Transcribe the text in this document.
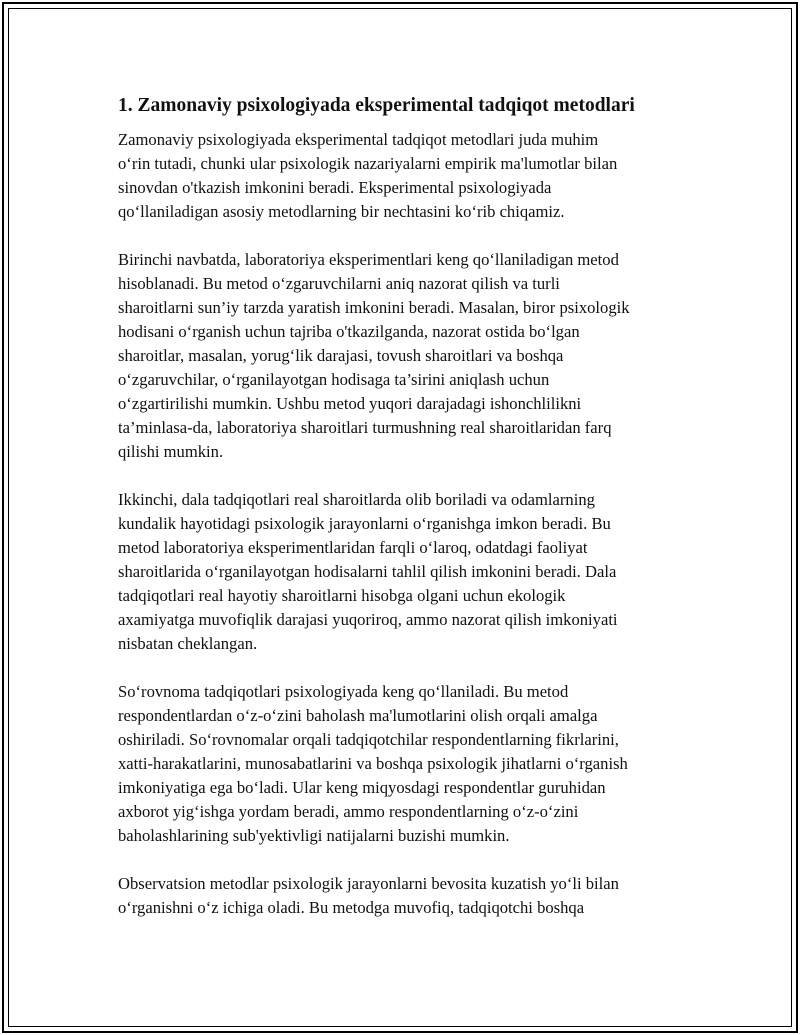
1. Zamonaviy psixologiyada eksperimental tadqiqot metodlari
Zamonaviy psixologiyada eksperimental tadqiqot metodlari juda muhim
o‘rin tutadi, chunki ular psixologik nazariyalarni empirik ma'lumotlar bilan
sinovdan o'tkazish imkonini beradi. Eksperimental psixologiyada
qo‘llaniladigan asosiy metodlarning bir nechtasini ko‘rib chiqamiz.
Birinchi navbatda, laboratoriya eksperimentlari keng qo‘llaniladigan metod
hisoblanadi. Bu metod o‘zgaruvchilarni aniq nazorat qilish va turli
sharoitlarni sun’iy tarzda yaratish imkonini beradi. Masalan, biror psixologik
hodisani o‘rganish uchun tajriba o'tkazilganda, nazorat ostida bo‘lgan
sharoitlar, masalan, yorug‘lik darajasi, tovush sharoitlari va boshqa
o‘zgaruvchilar, o‘rganilayotgan hodisaga ta’sirini aniqlash uchun
o‘zgartirilishi mumkin. Ushbu metod yuqori darajadagi ishonchlilikni
ta’minlasa-da, laboratoriya sharoitlari turmushning real sharoitlaridan farq
qilishi mumkin.
Ikkinchi, dala tadqiqotlari real sharoitlarda olib boriladi va odamlarning
kundalik hayotidagi psixologik jarayonlarni o‘rganishga imkon beradi. Bu
metod laboratoriya eksperimentlaridan farqli o‘laroq, odatdagi faoliyat
sharoitlarida o‘rganilayotgan hodisalarni tahlil qilish imkonini beradi. Dala
tadqiqotlari real hayotiy sharoitlarni hisobga olgani uchun ekologik
axamiyatga muvofiqlik darajasi yuqoriroq, ammo nazorat qilish imkoniyati
nisbatan cheklangan.
So‘rovnoma tadqiqotlari psixologiyada keng qo‘llaniladi. Bu metod
respondentlardan o‘z-o‘zini baholash ma'lumotlarini olish orqali amalga
oshiriladi. So‘rovnomalar orqali tadqiqotchilar respondentlarning fikrlarini,
xatti-harakatlarini, munosabatlarini va boshqa psixologik jihatlarni o‘rganish
imkoniyatiga ega bo‘ladi. Ular keng miqyosdagi respondentlar guruhidan
axborot yig‘ishga yordam beradi, ammo respondentlarning o‘z-o‘zini
baholashlarining sub'yektivligi natijalarni buzishi mumkin.
Observatsion metodlar psixologik jarayonlarni bevosita kuzatish yo‘li bilan
o‘rganishni o‘z ichiga oladi. Bu metodga muvofiq, tadqiqotchi boshqa
